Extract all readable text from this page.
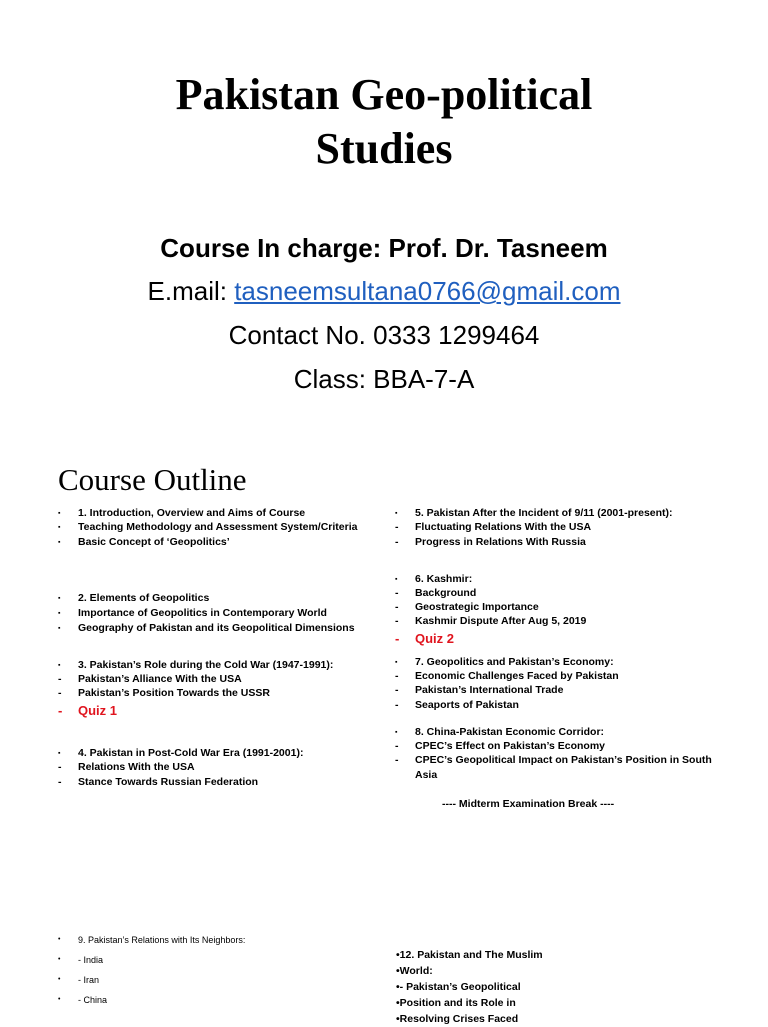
Pakistan Geo-political
Studies
Course In charge: Prof. Dr. Tasneem
E.mail: tasneemsultana0766@gmail.com
Contact No. 0333 1299464
Class: BBA-7-A
Course Outline
▪	1. Introduction, Overview and Aims of Course
▪	Teaching Methodology and Assessment System/Criteria
▪	Basic Concept of ‘Geopolitics’
▪	2. Elements of Geopolitics
▪	Importance of Geopolitics in Contemporary World
▪	Geography of Pakistan and its Geopolitical Dimensions
▪	3. Pakistan’s Role during the Cold War (1947-1991):
-	Pakistan’s Alliance With the USA
-	Pakistan’s Position Towards the USSR
-	Quiz 1
▪	4. Pakistan in Post-Cold War Era (1991-2001):
-	Relations With the USA
-	Stance Towards Russian Federation
▪	5. Pakistan After the Incident of 9/11 (2001-present):
-	Fluctuating Relations With the USA
-	Progress in Relations With Russia
▪	6. Kashmir:
-	Background
-	Geostrategic Importance
-	Kashmir Dispute After Aug 5, 2019
-	Quiz 2
▪	7. Geopolitics and Pakistan’s Economy:
-	Economic Challenges Faced by Pakistan
-	Pakistan’s International Trade
-	Seaports of Pakistan
▪	8. China-Pakistan Economic Corridor:
-	CPEC’s Effect on Pakistan’s Economy
-	CPEC’s Geopolitical Impact on Pakistan’s Position in South Asia
---- Midterm Examination Break ----
•	9. Pakistan’s Relations with Its Neighbors:
•	- India
•	- Iran
•	- China
•12. Pakistan and The Muslim
•World:
•- Pakistan’s Geopolitical
•Position and its Role in
•Resolving Crises Faced
